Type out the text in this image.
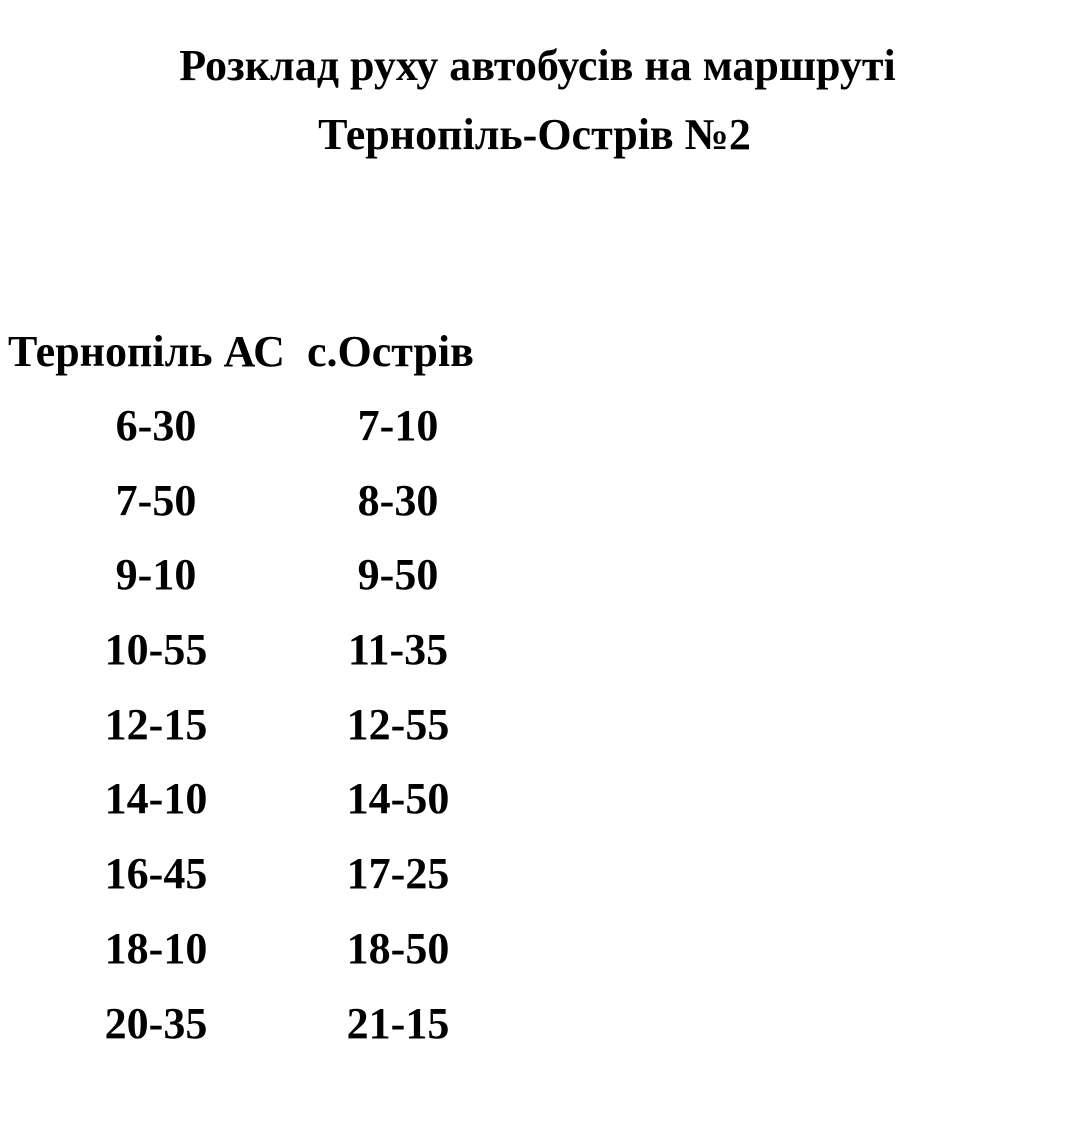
Розклад руху автобусів на маршруті
Тернопіль-Острів №2
Тернопіль АС с.Острів
6-30
7-50
9-10
10-55
12-15
14-10
16-45
18-10
20-35
7-10
8-30
9-50
11-35
12-55
14-50
17-25
18-50
21-15
